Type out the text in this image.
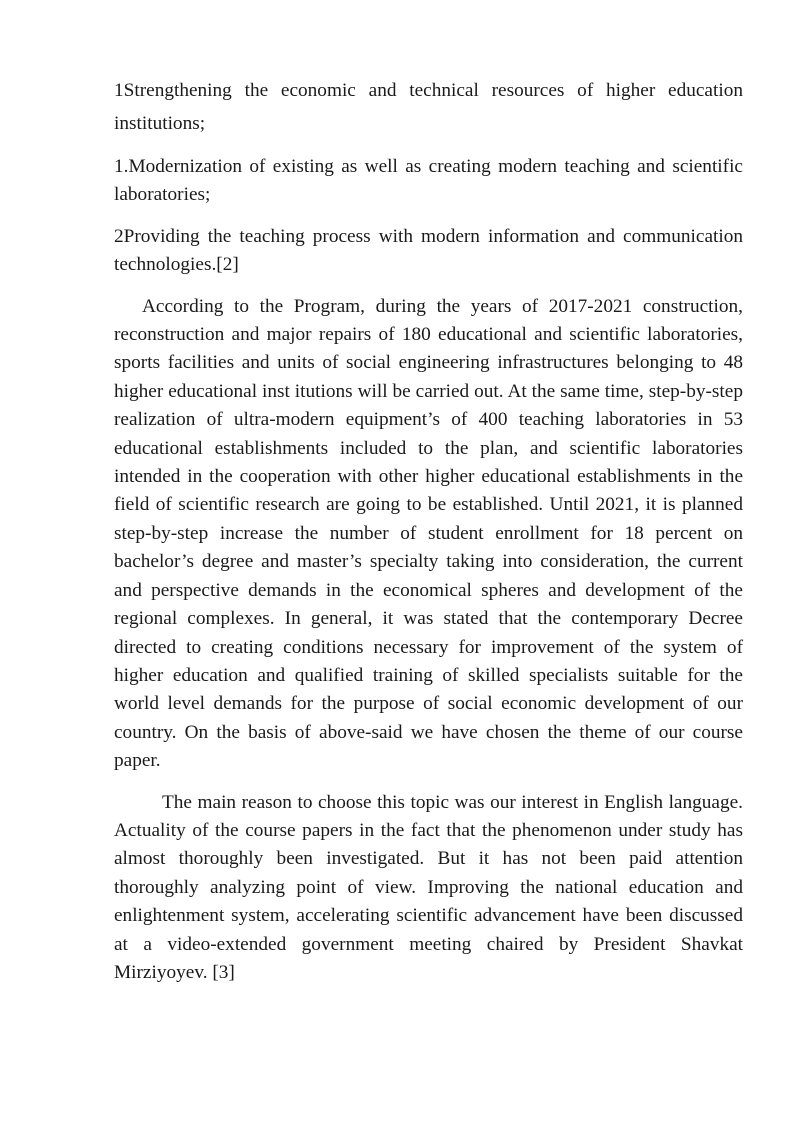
1Strengthening the economic and technical resources of higher education institutions;

1.Modernization of existing as well as creating modern teaching and scientific laboratories;

2Providing the teaching process with modern information and communication technologies.[2]

According to the Program, during the years of 2017-2021 construction, reconstruction and major repairs of 180 educational and scientific laboratories, sports facilities and units of social engineering infrastructures belonging to 48 higher educational inst itutions will be carried out. At the same time, step-by-step realization of ultra-modern equipment’s of 400 teaching laboratories in 53 educational establishments included to the plan, and scientific laboratories intended in the cooperation with other higher educational establishments in the field of scientific research are going to be established. Until 2021, it is planned step-by-step increase the number of student enrollment for 18 percent on bachelor’s degree and master’s specialty taking into consideration, the current and perspective demands in the economical spheres and development of the regional complexes. In general, it was stated that the contemporary Decree directed to creating conditions necessary for improvement of the system of higher education and qualified training of skilled specialists suitable for the world level demands for the purpose of social economic development of our country. On the basis of above-said we have chosen the theme of our course paper.

The main reason to choose this topic was our interest in English language. Actuality of the course papers in the fact that the phenomenon under study has almost thoroughly been investigated. But it has not been paid attention thoroughly analyzing point of view. Improving the national education and enlightenment system, accelerating scientific advancement have been discussed at a video-extended government meeting chaired by President Shavkat Mirziyoyev. [3]
